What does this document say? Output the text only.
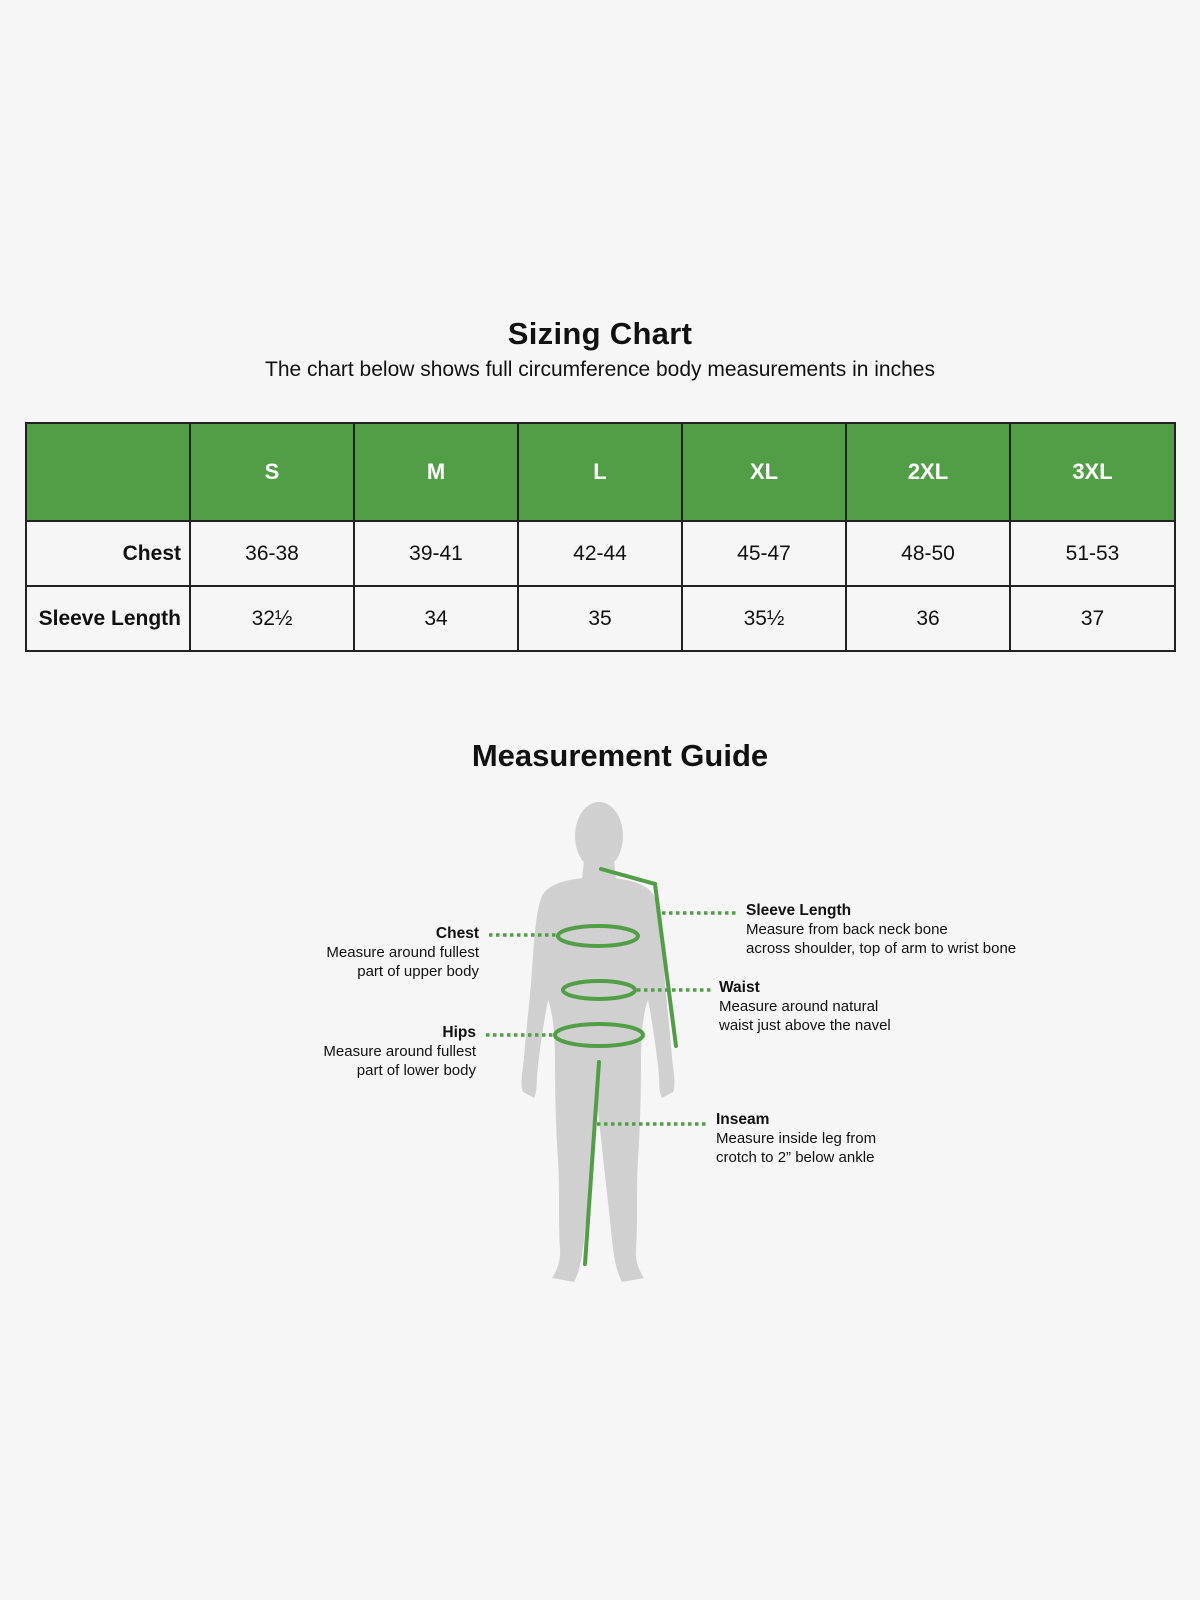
Sizing Chart
The chart below shows full circumference body measurements in inches
	S	M	L	XL	2XL	3XL
Chest	36-38	39-41	42-44	45-47	48-50	51-53
Sleeve Length	32½	34	35	35½	36	37
Measurement Guide
Chest
Measure around fullest
part of upper body
Hips
Measure around fullest
part of lower body
Sleeve Length
Measure from back neck bone
across shoulder, top of arm to wrist bone
Waist
Measure around natural
waist just above the navel
Inseam
Measure inside leg from
crotch to 2” below ankle
